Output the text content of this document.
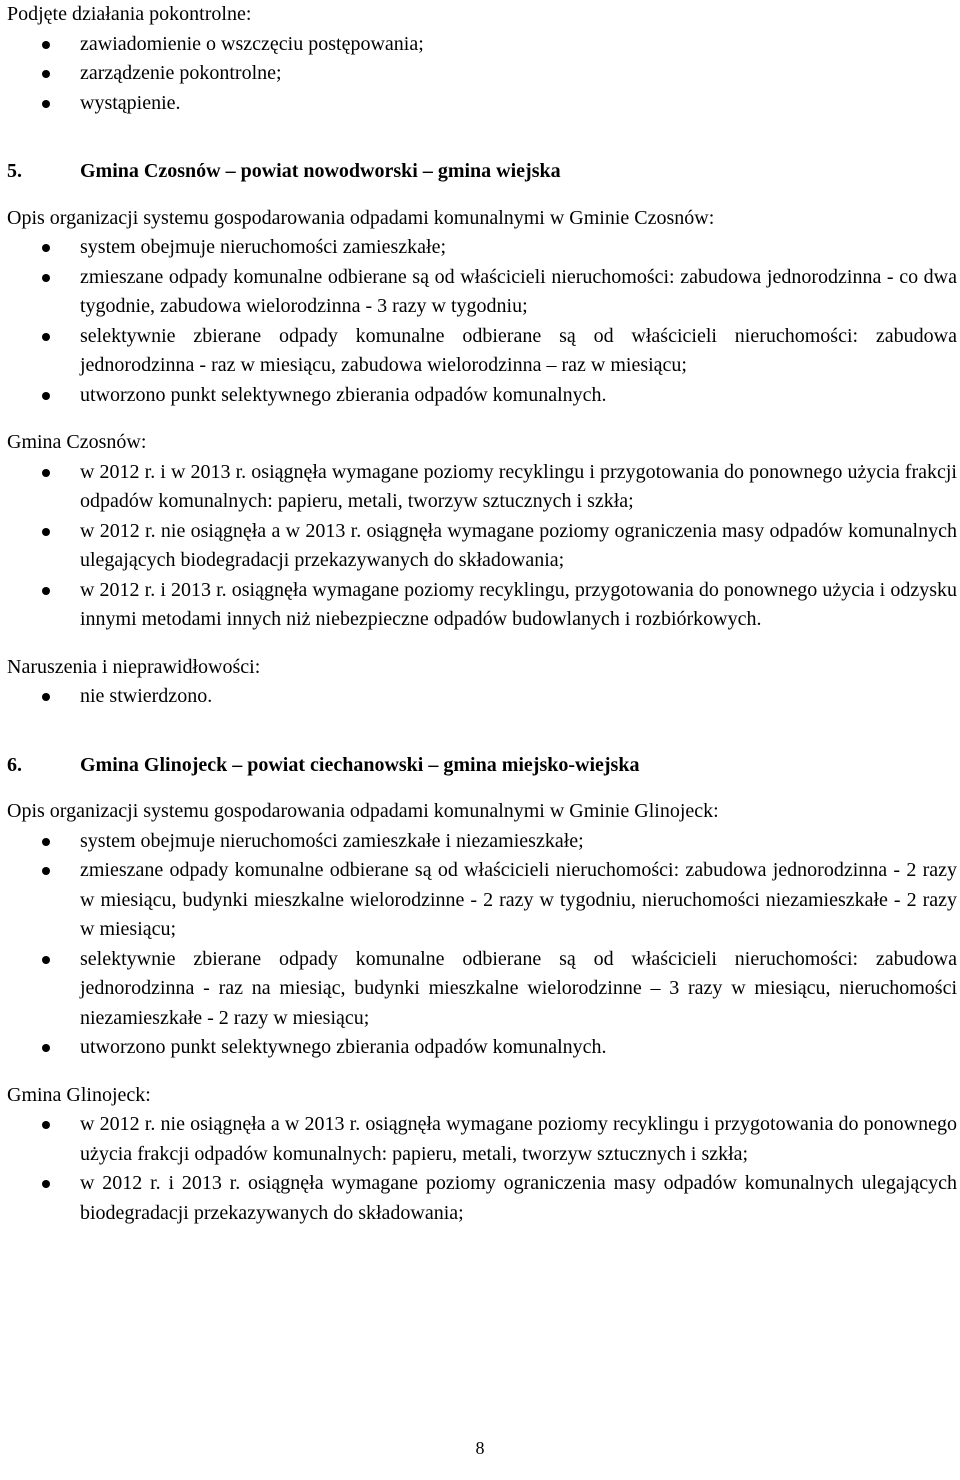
Podjęte działania pokontrolne:

zawiadomienie o wszczęciu postępowania;
zarządzenie pokontrolne;
wystąpienie.

5.	Gmina Czosnów – powiat nowodworski – gmina wiejska

Opis organizacji systemu gospodarowania odpadami komunalnymi w Gminie Czosnów:

system obejmuje nieruchomości zamieszkałe;
zmieszane odpady komunalne odbierane są od właścicieli nieruchomości: zabudowa jednorodzinna - co dwa tygodnie, zabudowa wielorodzinna - 3 razy w tygodniu;
selektywnie zbierane odpady komunalne odbierane są od właścicieli nieruchomości: zabudowa jednorodzinna - raz w miesiącu, zabudowa wielorodzinna – raz w miesiącu;
utworzono punkt selektywnego zbierania odpadów komunalnych.

Gmina Czosnów:

w 2012 r. i w 2013 r. osiągnęła wymagane poziomy recyklingu i przygotowania do ponownego użycia frakcji odpadów komunalnych: papieru, metali, tworzyw sztucznych i szkła;
w 2012 r. nie osiągnęła a w 2013 r. osiągnęła wymagane poziomy ograniczenia masy odpadów komunalnych ulegających biodegradacji przekazywanych do składowania;
w 2012 r. i 2013 r. osiągnęła wymagane poziomy recyklingu, przygotowania do ponownego użycia i odzysku innymi metodami innych niż niebezpieczne odpadów budowlanych i rozbiórkowych.

Naruszenia i nieprawidłowości:

nie stwierdzono.

6.	Gmina Glinojeck – powiat ciechanowski – gmina miejsko-wiejska

Opis organizacji systemu gospodarowania odpadami komunalnymi w Gminie Glinojeck:

system obejmuje nieruchomości zamieszkałe i niezamieszkałe;
zmieszane odpady komunalne odbierane są od właścicieli nieruchomości: zabudowa jednorodzinna - 2 razy w miesiącu, budynki mieszkalne wielorodzinne - 2 razy w tygodniu, nieruchomości niezamieszkałe - 2 razy w miesiącu;
selektywnie zbierane odpady komunalne odbierane są od właścicieli nieruchomości: zabudowa jednorodzinna - raz na miesiąc, budynki mieszkalne wielorodzinne – 3 razy w miesiącu, nieruchomości niezamieszkałe - 2 razy w miesiącu;
utworzono punkt selektywnego zbierania odpadów komunalnych.

Gmina Glinojeck:

w 2012 r. nie osiągnęła a w 2013 r. osiągnęła wymagane poziomy recyklingu i przygotowania do ponownego użycia frakcji odpadów komunalnych: papieru, metali, tworzyw sztucznych i szkła;
w 2012 r. i 2013 r. osiągnęła wymagane poziomy ograniczenia masy odpadów komunalnych ulegających biodegradacji przekazywanych do składowania;
8
